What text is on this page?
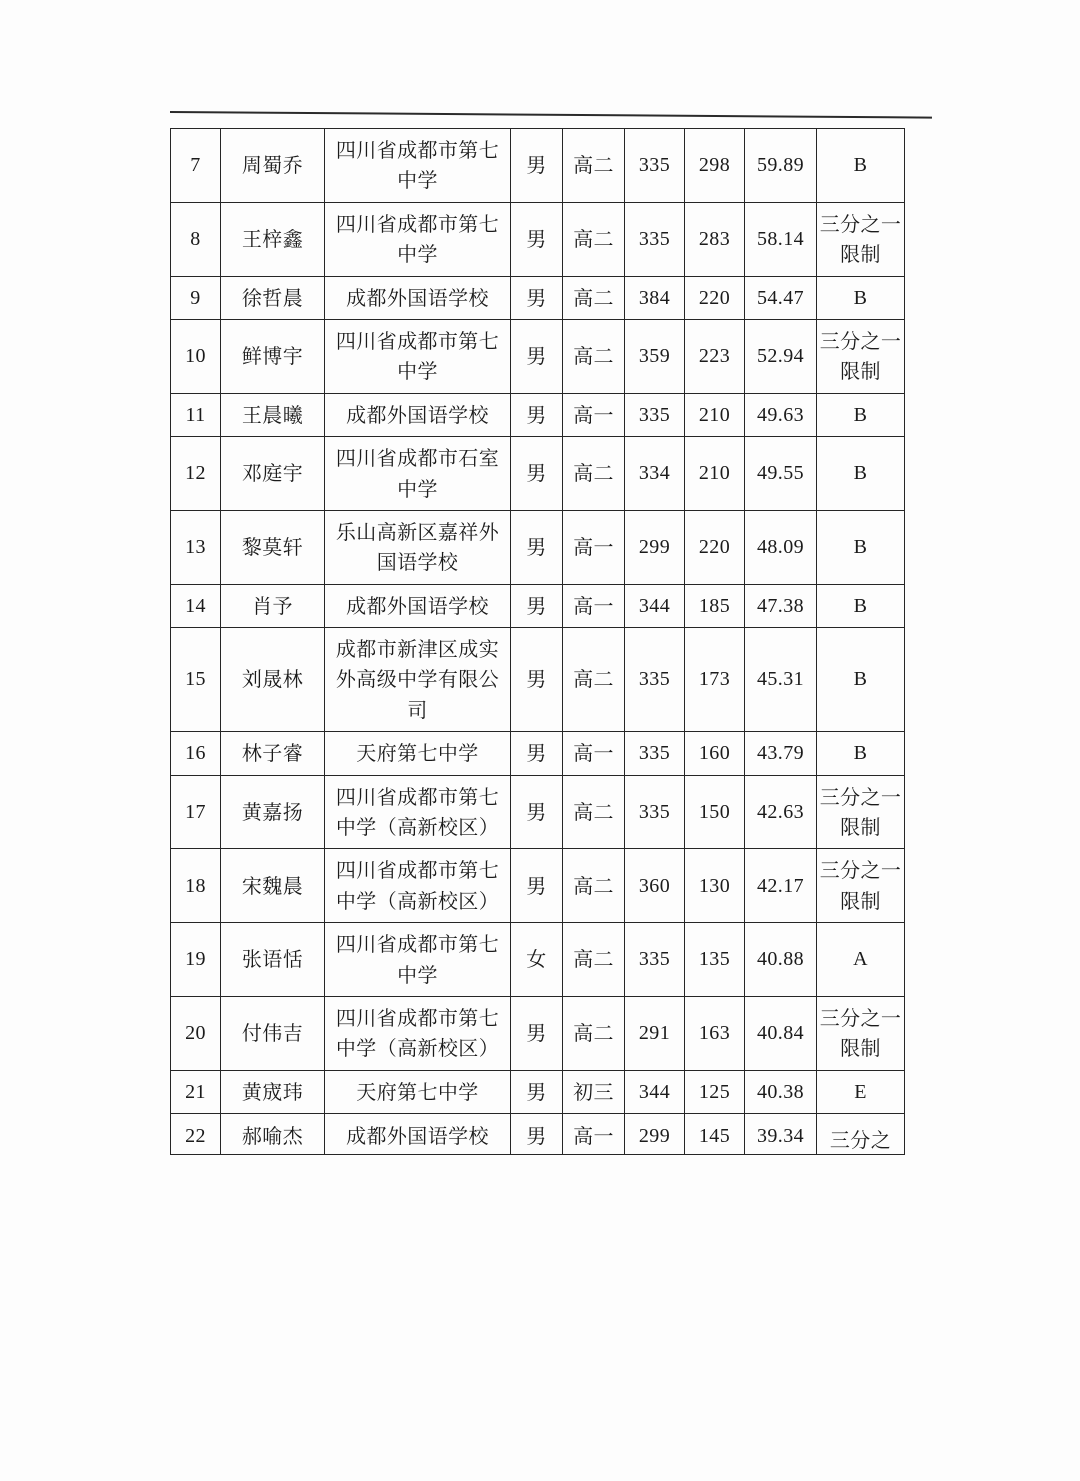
7	周蜀乔	四川省成都市第七中学	男	高二	335	298	59.89	B
8	王梓鑫	四川省成都市第七中学	男	高二	335	283	58.14	三分之一限制
9	徐哲晨	成都外国语学校	男	高二	384	220	54.47	B
10	鲜博宇	四川省成都市第七中学	男	高二	359	223	52.94	三分之一限制
11	王晨曦	成都外国语学校	男	高一	335	210	49.63	B
12	邓庭宇	四川省成都市石室中学	男	高二	334	210	49.55	B
13	黎莫轩	乐山高新区嘉祥外国语学校	男	高一	299	220	48.09	B
14	肖予	成都外国语学校	男	高一	344	185	47.38	B
15	刘晟林	成都市新津区成实外高级中学有限公司	男	高二	335	173	45.31	B
16	林子睿	天府第七中学	男	高一	335	160	43.79	B
17	黄嘉扬	四川省成都市第七中学（高新校区）	男	高二	335	150	42.63	三分之一限制
18	宋魏晨	四川省成都市第七中学（高新校区）	男	高二	360	130	42.17	三分之一限制
19	张语恬	四川省成都市第七中学	女	高二	335	135	40.88	A
20	付伟吉	四川省成都市第七中学（高新校区）	男	高二	291	163	40.84	三分之一限制
21	黄宬玮	天府第七中学	男	初三	344	125	40.38	E
22	郝喻杰	成都外国语学校	男	高一	299	145	39.34	三分之
